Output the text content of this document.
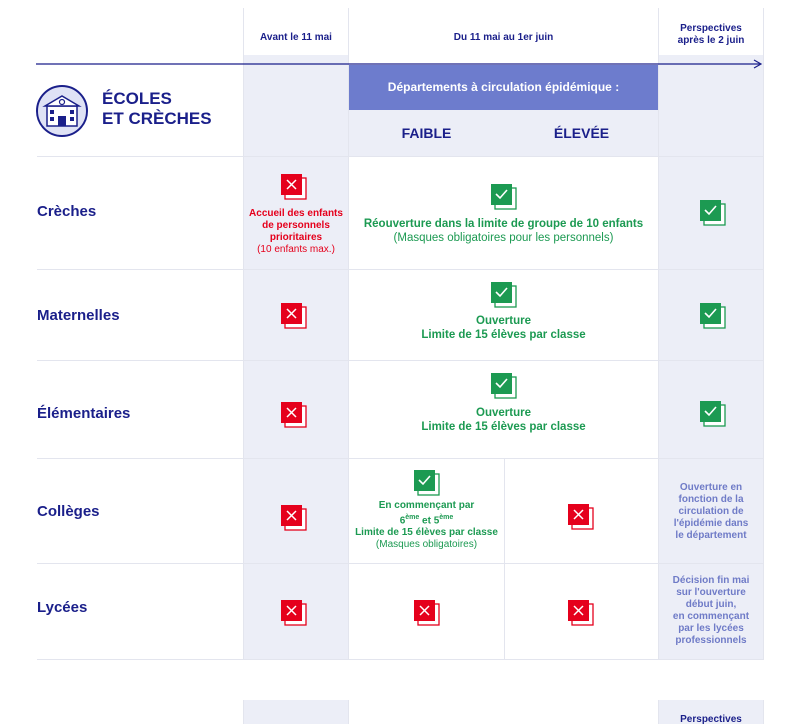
Avant le 11 mai	Du 11 mai au 1er juin
Perspectives
après le 2 juin
Départements à circulation épidémique :
FAIBLE	ÉLEVÉE
ÉCOLES
ET CRÈCHES
Crèches
Maternelles
Élémentaires
Collèges
Lycées
Accueil des enfants
de personnels
prioritaires
(10 enfants max.)
Réouverture dans la limite de groupe de 10 enfants
(Masques obligatoires pour les personnels)
Ouverture
Limite de 15 élèves par classe
Ouverture
Limite de 15 élèves par classe
En commençant par
6ème et 5ème
Limite de 15 élèves par classe
(Masques obligatoires)
Ouverture en
fonction de la
circulation de
l'épidémie dans
le département
Décision fin mai
sur l'ouverture
début juin,
en commençant
par les lycées
professionnels
Perspectives
